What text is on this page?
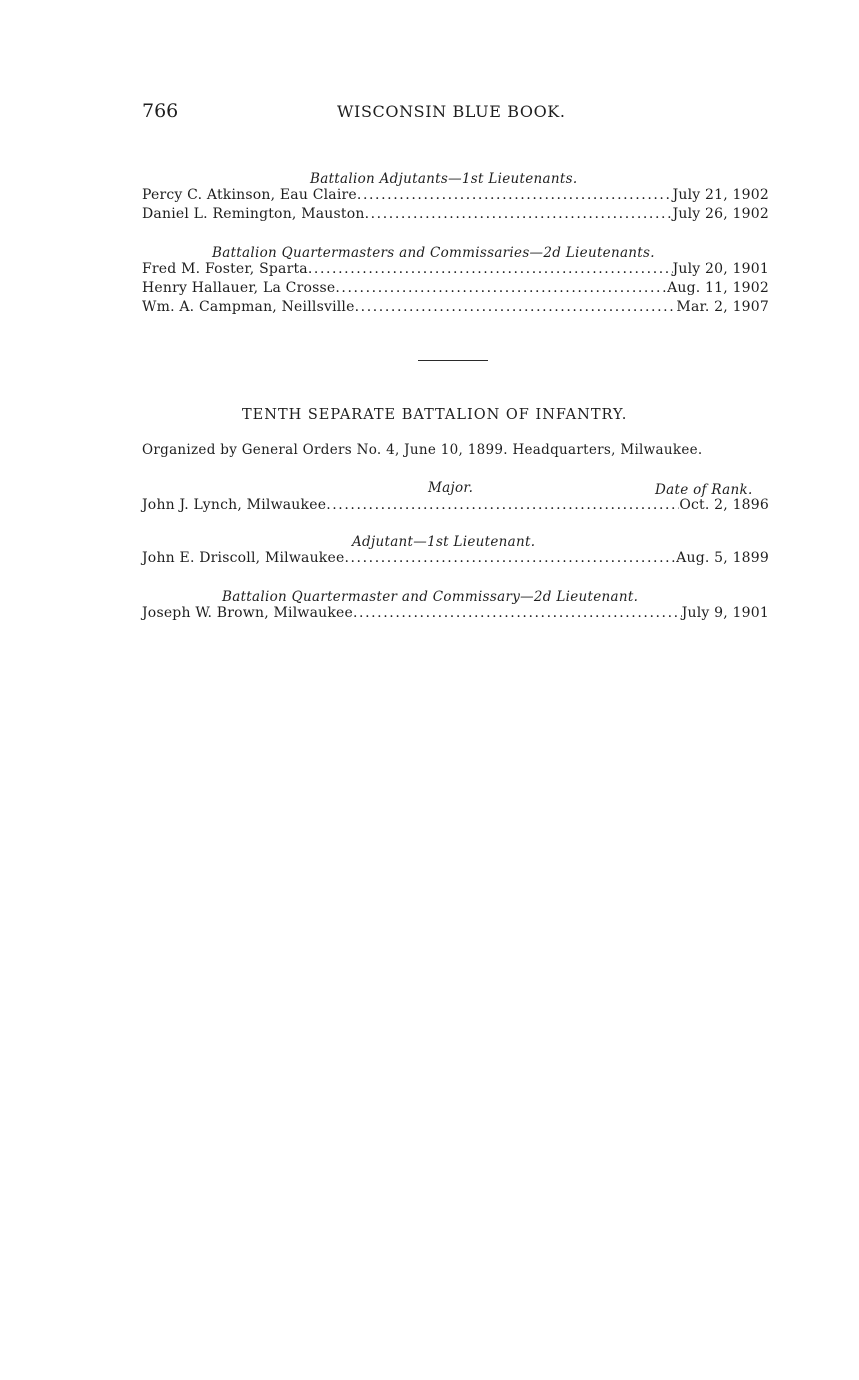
766	WISCONSIN BLUE BOOK.
Battalion Adjutants—1st Lieutenants.
Percy C. Atkinson, Eau Claire .....	July 21, 1902
Daniel L. Remington, Mauston .....	July 26, 1902
Battalion Quartermasters and Commissaries—2d Lieutenants.
Fred M. Foster, Sparta .....	July 20, 1901
Henry Hallauer, La Crosse .....	Aug. 11, 1902
Wm. A. Campman, Neillsville .....	Mar. 2, 1907
TENTH SEPARATE BATTALION OF INFANTRY.
Organized by General Orders No. 4, June 10, 1899. Headquarters, Milwaukee.
Major.	Date of Rank.
John J. Lynch, Milwaukee .....	Oct. 2, 1896
Adjutant—1st Lieutenant.
John E. Driscoll, Milwaukee .....	Aug. 5, 1899
Battalion Quartermaster and Commissary—2d Lieutenant.
Joseph W. Brown, Milwaukee .....	July 9, 1901
